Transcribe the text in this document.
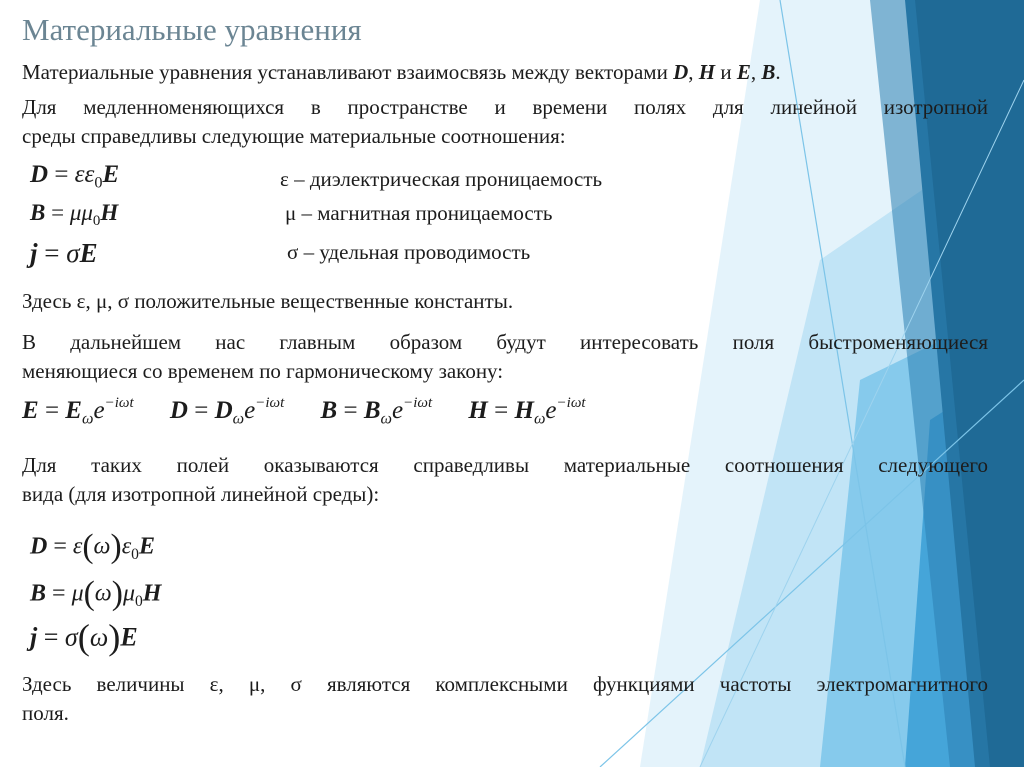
Материальные уравнения
Материальные уравнения устанавливают взаимосвязь между векторами D, H и E, B.
Для медленноменяющихся в пространстве и времени полях для линейной изотропной
среды справедливы следующие материальные соотношения:
$D = \varepsilon\varepsilon_0E$	ε – диэлектрическая проницаемость
$B = \mu\mu_0H$	μ – магнитная проницаемость
j = σE	σ – удельная проводимость
Здесь ε, μ, σ положительные вещественные константы.
В дальнейшем нас главным образом будут интересовать поля быстроменяющиеся
меняющиеся со временем по гармоническому закону:
$E = E_\omega e^{-i\omega t}$ $D = D_\omega e^{-i\omega t}$ $B = B_\omega e^{-i\omega t}$ $H = H_\omega e^{-i\omega t}$
Для таких полей оказываются справедливы материальные соотношения следующего
вида (для изотропной линейной среды):
$D = \varepsilon(\omega)\varepsilon_0E$
$B = \mu(\omega)\mu_0H$
j = σ(ω)E
Здесь величины ε, μ, σ являются комплексными функциями частоты электромагнитного
поля.
